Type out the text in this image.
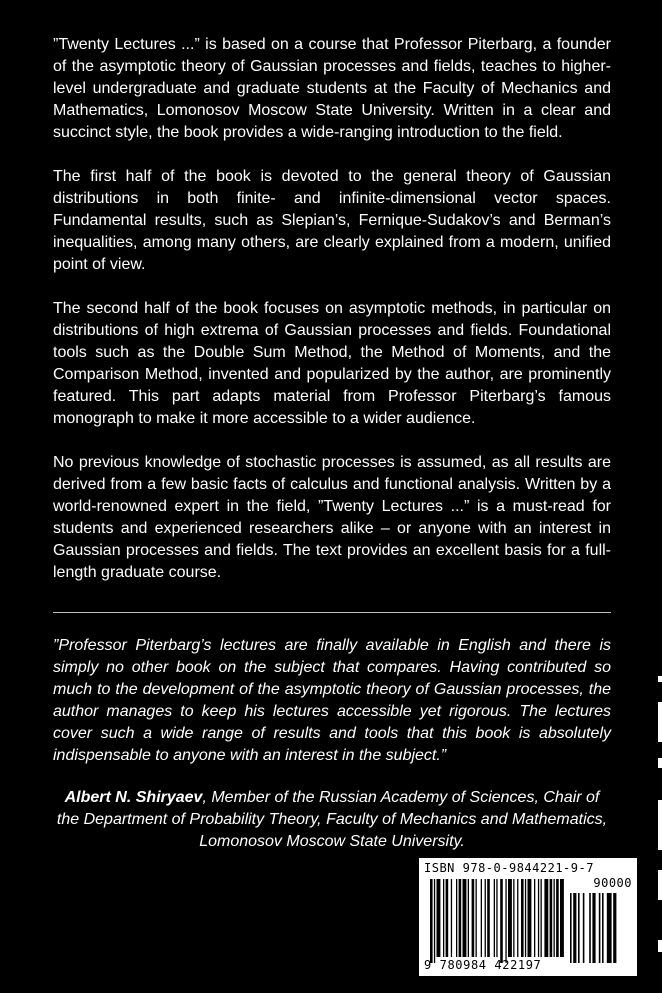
”Twenty Lectures ...” is based on a course that Professor Piterbarg, a founder of the asymptotic theory of Gaussian processes and fields, teaches to higher-level undergraduate and graduate students at the Faculty of Mechanics and Mathematics, Lomonosov Moscow State University. Written in a clear and succinct style, the book provides a wide-ranging introduction to the field.

The first half of the book is devoted to the general theory of Gaussian distributions in both finite- and infinite-dimensional vector spaces. Fundamental results, such as Slepian’s, Fernique-Sudakov’s and Berman’s inequalities, among many others, are clearly explained from a modern, unified point of view.

The second half of the book focuses on asymptotic methods, in particular on distributions of high extrema of Gaussian processes and fields. Foundational tools such as the Double Sum Method, the Method of Moments, and the Comparison Method, invented and popularized by the author, are prominently featured. This part adapts material from Professor Piterbarg’s famous monograph to make it more accessible to a wider audience.

No previous knowledge of stochastic processes is assumed, as all results are derived from a few basic facts of calculus and functional analysis. Written by a world-renowned expert in the field, ”Twenty Lectures ...” is a must-read for students and experienced researchers alike – or anyone with an interest in Gaussian processes and fields. The text provides an excellent basis for a full-length graduate course.

”Professor Piterbarg’s lectures are finally available in English and there is simply no other book on the subject that compares. Having contributed so much to the development of the asymptotic theory of Gaussian processes, the author manages to keep his lectures accessible yet rigorous. The lectures cover such a wide range of results and tools that this book is absolutely indispensable to anyone with an interest in the subject.”

Albert N. Shiryaev, Member of the Russian Academy of Sciences, Chair of the Department of Probability Theory, Faculty of Mechanics and Mathematics, Lomonosov Moscow State University.

ISBN 978-0-9844221-9-7
90000
9 780984 422197
